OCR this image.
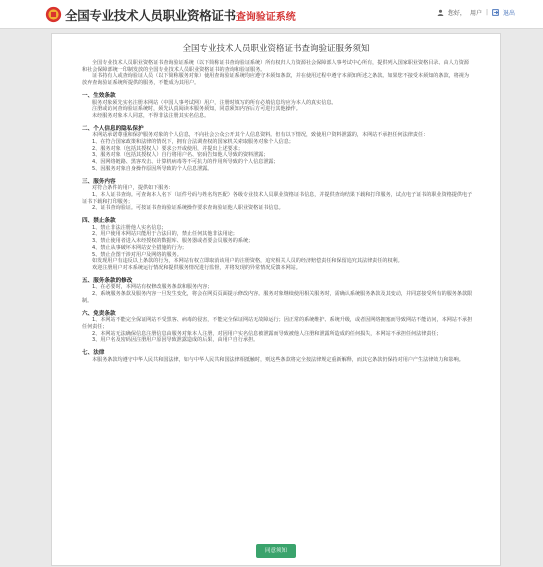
全国专业技术人员职业资格证书查询验证系统	您好， 用户 |	退出
全国专业技术人员职业资格证书查询验证服务须知

全国专业技术人员职业资格证书查询验证系统（以下简称证书查询验证系统）所有权归人力资源社会保障部人事考试中心所有，提供列入国家职业资格目录、由人力资源和社会保障部统一印制发放的全国专业技术人员职业资格证书的查询和验证服务。

证书持有人或查询验证人员（以下简称服务对象）使用查询验证系统均应遵守本须知条款，并在使用过程中遵守本须知所述之条款。如果您不接受本须知的条款，将视为放弃查询验证系统所提供的服务，不能成为其用户。

一、生效条款

服务对象须先实名注册本网站（中国人事考试网）用户，注册时填写的所有必填信息均应为本人的真实信息。

注册或访问查询验证系统时，须先认真阅读本服务须知，同意须知内容后方可进行其他操作。

未经服务对象本人同意，不得非法注册其实名信息。

二、个人信息的隐私保护

本网站承诺尊重和保护服务对象的个人信息，不向社会公众公开其个人信息资料。但有以下情况，致使用户资料泄露的，本网站不承担任何法律责任：

1、在符合国家政策和法律的情况下，拥有合法调查权的国家机关索取服务对象个人信息；

2、服务对象（包括其授权人）要求公开或使用，并提出上述要求；

3、服务对象（包括其授权人）自行将用户名、密码告知他人导致的资料泄露；

4、因网络链路、黑客攻击、计算机病毒等不可抗力的作用所导致的个人信息泄露；

5、因服务对象自身操作原因所导致的个人信息泄露。

三、服务内容

对符合条件的用户，提供如下服务：

1、本人证书查询。可查询本人名下（证件号码与姓名均匹配）各级专业技术人员职业资格证书信息，并提供查询结果下载和打印服务，试点电子证书的职业资格提供电子证书下载和打印服务；

2、证书查询验证。可按证书查询验证系统操作要求查询验证他人职业资格证书信息。

四、禁止条款

1、禁止非法注册他人实名信息；

2、用户使用本网站只能用于合法目的，禁止任何其他非法用途；

3、禁止使用者进入未经授权的数据库、服务器或者要会员服务的系统；

4、禁止从事破坏本网站安全措施的行为；

5、禁止企图干涉对用户及网络的服务。

如发现用户有违反以上条款的行为，本网站有权立即取消该用户的注册资格，追究相关人员的经济赔偿责任和保留追究其法律责任的权利。

欢迎注册用户对本系统运行情况和提供服务情况进行监督，并将发现的异常情况反馈本网站。

五、服务条款的修改

1、在必要时，本网站有权修改服务条款和服务内容；

2、系统服务条款及服务内容一旦发生变化，将会在网页页面提示修改内容。服务对象继续使用相关服务时，需确认系统服务条款及其变动，并同意接受所有的服务条款限制。

六、免责条款

1、本网站不能完全保证网站不受黑客、病毒的侵害，不能完全保证网站无故障运行；因正常的系统维护、系统升级，或者因网络拥塞而导致网站不能访问，本网站不承担任何责任；

2、本网站无法确保信息注册信息由服务对象本人注册，对因用户实名信息被泄露而导致被他人注册和泄露所造成的任何损失，本网站不承担任何法律责任；

3、用户名及密码因注册用户原因导致泄露造成的后果，由用户自行承担。

七、法律

本服务条款均遵守中华人民共和国法律，如与中华人民共和国法律相抵触时，则这些条款将完全按法律规定重新解释，而其它条款仍保持对用户产生法律效力和影响。

同意须知
